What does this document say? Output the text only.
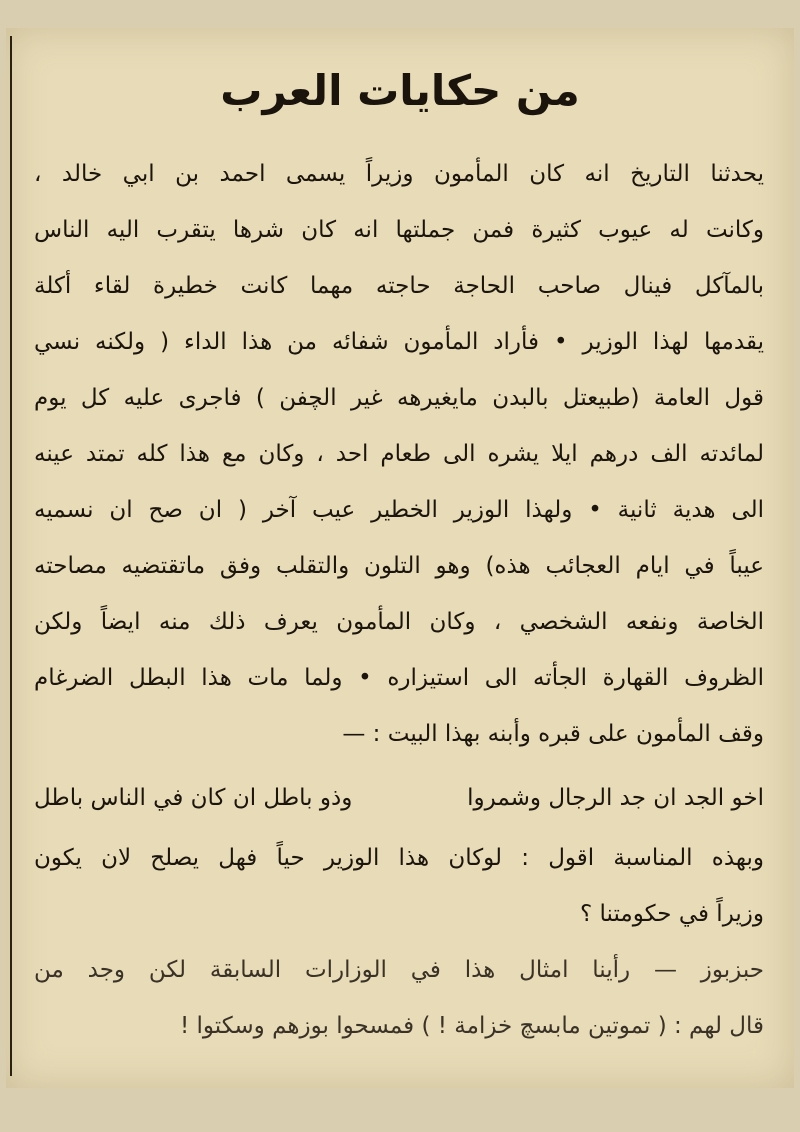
من حكايات العرب
يحدثنا التاريخ انه كان المأمون وزيراً يسمى احمد بن ابي خالد ،
وكانت له عيوب كثيرة فمن جملتها انه كان شرها يتقرب اليه الناس
بالمآكل فينال صاحب الحاجة حاجته مهما كانت خطيرة لقاء أكلة
يقدمها لهذا الوزير • فأراد المأمون شفائه من هذا الداء ( ولكنه نسي
قول العامة (طبيعتل بالبدن مايغيرهه غير الچفن ) فاجرى عليه كل يوم
لمائدته الف درهم ايلا يشره الى طعام احد ، وكان مع هذا كله تمتد عينه
الى هدية ثانية • ولهذا الوزير الخطير عيب آخر ( ان صح ان نسميه
عيباً في ايام العجائب هذه) وهو التلون والتقلب وفق ماتقتضيه مصاحته
الخاصة ونفعه الشخصي ، وكان المأمون يعرف ذلك منه ايضاً ولكن
الظروف القهارة الجأته الى استيزاره • ولما مات هذا البطل الضرغام
وقف المأمون على قبره وأبنه بهذا البيت : —
اخو الجد ان جد الرجال وشمروا
وذو باطل ان كان في الناس باطل
وبهذه المناسبة اقول : لوكان هذا الوزير حياً فهل يصلح لان يكون
وزيراً في حكومتنا ؟
حبزبوز — رأينا امثال هذا في الوزارات السابقة لكن وجد من
قال لهم : ( تموتين مابسچ خزامة ! ) فمسحوا بوزهم وسكتوا !
